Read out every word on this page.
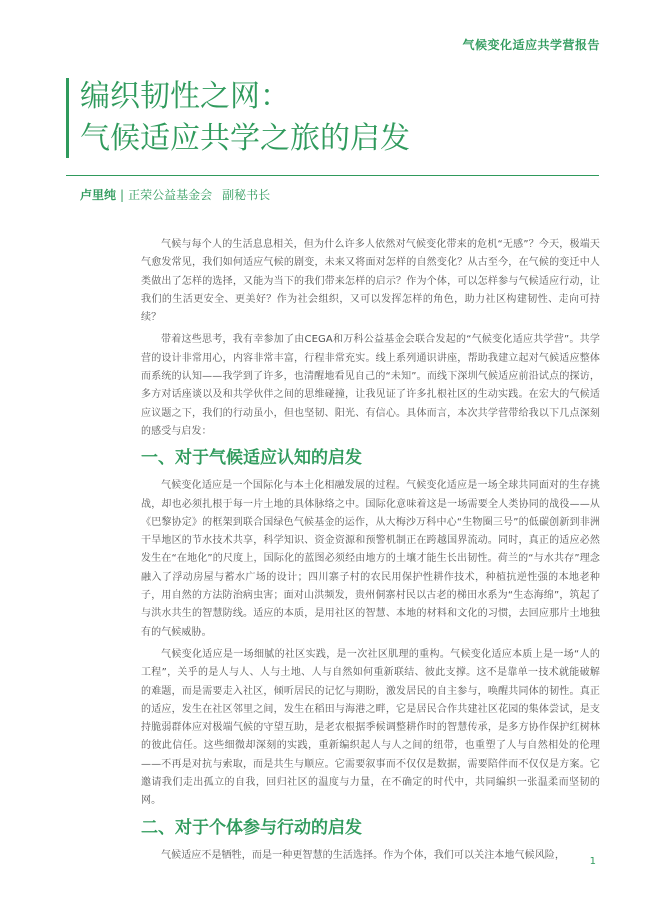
气候变化适应共学营报告
编织韧性之网：
气候适应共学之旅的启发
卢里纯 | 正荣公益基金会 副秘书长

气候与每个人的生活息息相关，但为什么许多人依然对气候变化带来的危机“无感”？今天，极端天气愈发常见，我们如何适应气候的剧变，未来又将面对怎样的自然变化？从古至今，在气候的变迁中人类做出了怎样的选择，又能为当下的我们带来怎样的启示？作为个体，可以怎样参与气候适应行动，让我们的生活更安全、更美好？作为社会组织，又可以发挥怎样的角色，助力社区构建韧性、走向可持续？

带着这些思考，我有幸参加了由CEGA和万科公益基金会联合发起的“气候变化适应共学营”。共学营的设计非常用心，内容非常丰富，行程非常充实。线上系列通识讲座，帮助我建立起对气候适应整体而系统的认知——我学到了许多，也清醒地看见自己的“未知”。而线下深圳气候适应前沿试点的探访，多方对话座谈以及和共学伙伴之间的思维碰撞，让我见证了许多扎根社区的生动实践。在宏大的气候适应议题之下，我们的行动虽小，但也坚韧、阳光、有信心。具体而言，本次共学营带给我以下几点深刻的感受与启发：

一、对于气候适应认知的启发

气候变化适应是一个国际化与本土化相融发展的过程。气候变化适应是一场全球共同面对的生存挑战，却也必须扎根于每一片土地的具体脉络之中。国际化意味着这是一场需要全人类协同的战役——从《巴黎协定》的框架到联合国绿色气候基金的运作，从大梅沙万科中心“生物圈三号”的低碳创新到非洲干旱地区的节水技术共享，科学知识、资金资源和预警机制正在跨越国界流动。同时，真正的适应必然发生在“在地化”的尺度上，国际化的蓝图必须经由地方的土壤才能生长出韧性。荷兰的“与水共存”理念融入了浮动房屋与蓄水广场的设计；四川寨子村的农民用保护性耕作技术，种植抗逆性强的本地老种子，用自然的方法防治病虫害；面对山洪频发，贵州侗寨村民以古老的梯田水系为“生态海绵”，筑起了与洪水共生的智慧防线。适应的本质，是用社区的智慧、本地的材料和文化的习惯，去回应那片土地独有的气候威胁。

气候变化适应是一场细腻的社区实践，是一次社区肌理的重构。气候变化适应本质上是一场“人的工程”，关乎的是人与人、人与土地、人与自然如何重新联结、彼此支撑。这不是靠单一技术就能破解的难题，而是需要走入社区，倾听居民的记忆与期盼，激发居民的自主参与，唤醒共同体的韧性。真正的适应，发生在社区邻里之间，发生在稻田与海港之畔，它是居民合作共建社区花园的集体尝试，是支持脆弱群体应对极端气候的守望互助，是老农根据季候调整耕作时的智慧传承，是多方协作保护红树林的彼此信任。这些细微却深刻的实践，重新编织起人与人之间的纽带，也重塑了人与自然相处的伦理——不再是对抗与索取，而是共生与顺应。它需要叙事而不仅仅是数据，需要陪伴而不仅仅是方案。它邀请我们走出孤立的自我，回归社区的温度与力量，在不确定的时代中，共同编织一张温柔而坚韧的网。

二、对于个体参与行动的启发

气候适应不是牺牲，而是一种更智慧的生活选择。作为个体，我们可以关注本地气候风险，

1
